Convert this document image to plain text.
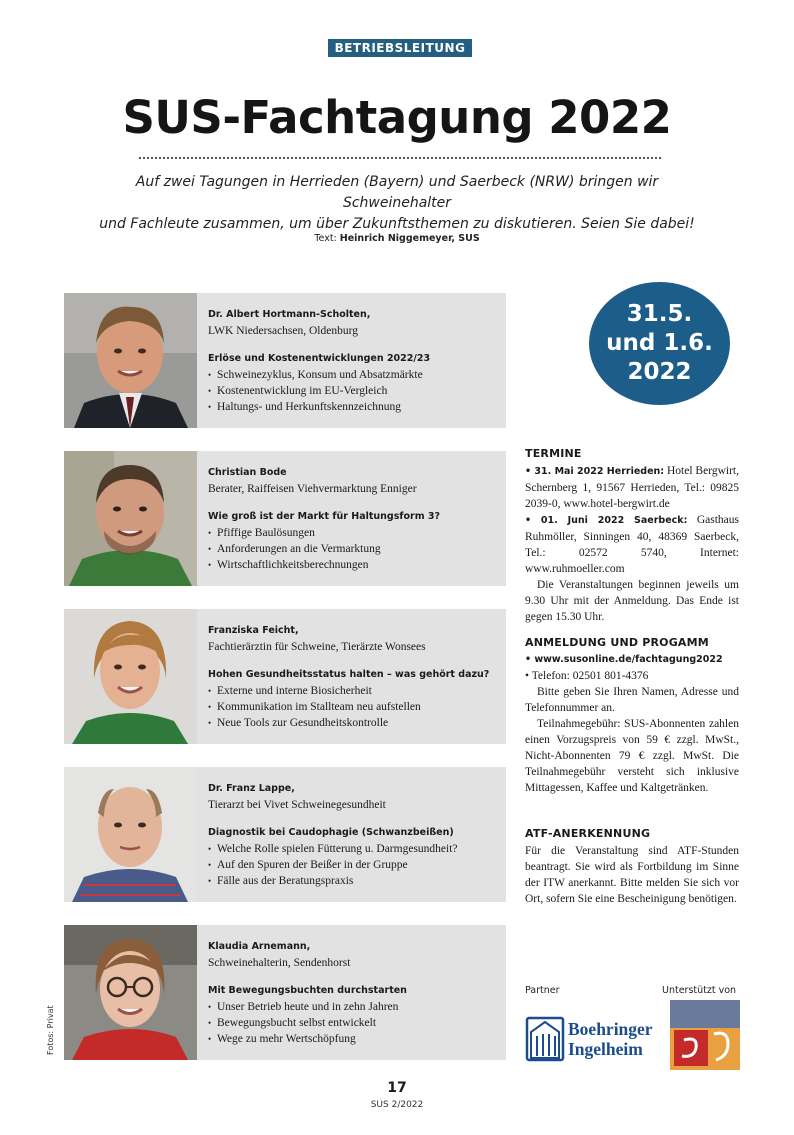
BETRIEBSLEITUNG
SUS-Fachtagung 2022
Auf zwei Tagungen in Herrieden (Bayern) und Saerbeck (NRW) bringen wir Schweinehalter
und Fachleute zusammen, um über Zukunftsthemen zu diskutieren. Seien Sie dabei!
Text: Heinrich Niggemeyer, SUS
Dr. Albert Hortmann-Scholten,
LWK Niedersachsen, Oldenburg
Erlöse und Kostenentwicklungen 2022/23
• Schweinezyklus, Konsum und Absatzmärkte
• Kostenentwicklung im EU-Vergleich
• Haltungs- und Herkunftskennzeichnung
Christian Bode
Berater, Raiffeisen Viehvermarktung Enniger
Wie groß ist der Markt für Haltungsform 3?
• Pfiffige Baulösungen
• Anforderungen an die Vermarktung
• Wirtschaftlichkeitsberechnungen
Franziska Feicht,
Fachtierärztin für Schweine, Tierärzte Wonsees
Hohen Gesundheitsstatus halten – was gehört dazu?
• Externe und interne Biosicherheit
• Kommunikation im Stallteam neu aufstellen
• Neue Tools zur Gesundheitskontrolle
Dr. Franz Lappe,
Tierarzt bei Vivet Schweinegesundheit
Diagnostik bei Caudophagie (Schwanzbeißen)
• Welche Rolle spielen Fütterung u. Darmgesundheit?
• Auf den Spuren der Beißer in der Gruppe
• Fälle aus der Beratungspraxis
Klaudia Arnemann,
Schweinehalterin, Sendenhorst
Mit Bewegungsbuchten durchstarten
• Unser Betrieb heute und in zehn Jahren
• Bewegungsbucht selbst entwickelt
• Wege zu mehr Wertschöpfung
31.5.
und 1.6.
2022
TERMINE

• 31. Mai 2022 Herrieden: Hotel Bergwirt, Schernberg 1, 91567 Herrieden, Tel.: 09825 2039-0, www.hotel-bergwirt.de

• 01. Juni 2022 Saerbeck: Gasthaus Ruhmöller, Sinningen 40, 48369 Saerbeck, Tel.: 02572 5740, Internet: www.ruhmoeller.com

Die Veranstaltungen beginnen jeweils um 9.30 Uhr mit der Anmeldung. Das Ende ist gegen 15.30 Uhr.

ANMELDUNG UND PROGAMM

• www.susonline.de/fachtagung2022

• Telefon: 02501 801-4376

Bitte geben Sie Ihren Namen, Adresse und Telefonnummer an.

Teilnahmegebühr: SUS-Abonnenten zahlen einen Vorzugspreis von 59 € zzgl. MwSt., Nicht-Abonnenten 79 € zzgl. MwSt. Die Teilnahmegebühr versteht sich inklusive Mittagessen, Kaffee und Kaltgetränken.

ATF-ANERKENNUNG

Für die Veranstaltung sind ATF-Stunden beantragt. Sie wird als Fortbildung im Sinne der ITW anerkannt. Bitte melden Sie sich vor Ort, sofern Sie eine Bescheinigung benötigen.

Partner	Unterstützt von
Boehringer
Ingelheim
Fotos: Privat
17
SUS 2/2022
